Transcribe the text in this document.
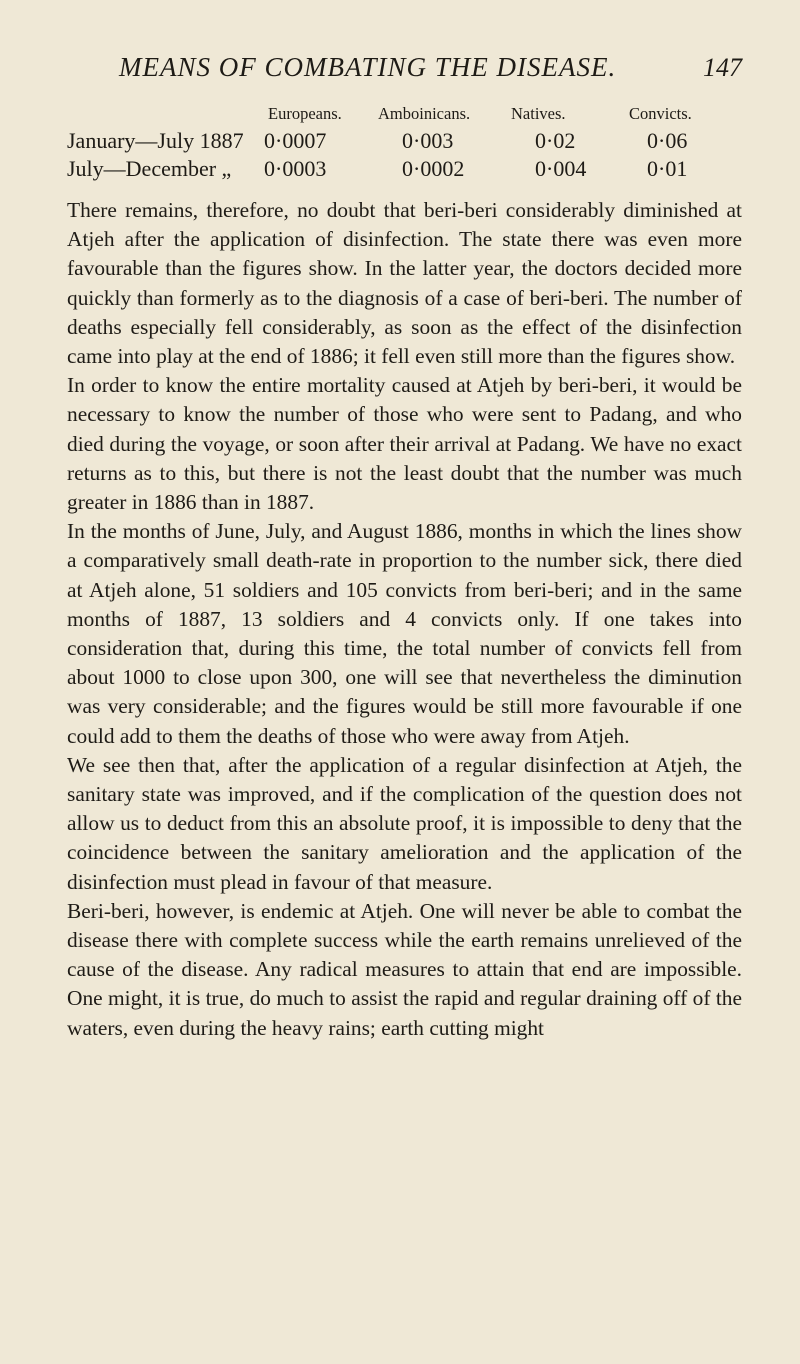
MEANS OF COMBATING THE DISEASE.	147
Europeans. Amboinicans. Natives.	Convicts.
January—July 1887 0·0007	0·003	0·02	0·06
July—December „ 0·0003	0·0002	0·004	0·01

There remains, therefore, no doubt that beri-beri considerably diminished at Atjeh after the application of disinfection. The state there was even more favourable than the figures show. In the latter year, the doctors decided more quickly than formerly as to the diagnosis of a case of beri-beri. The number of deaths especially fell considerably, as soon as the effect of the disinfection came into play at the end of 1886; it fell even still more than the figures show.

In order to know the entire mortality caused at Atjeh by beri-beri, it would be necessary to know the number of those who were sent to Padang, and who died during the voyage, or soon after their arrival at Padang. We have no exact returns as to this, but there is not the least doubt that the number was much greater in 1886 than in 1887.

In the months of June, July, and August 1886, months in which the lines show a comparatively small death-rate in proportion to the number sick, there died at Atjeh alone, 51 soldiers and 105 convicts from beri-beri; and in the same months of 1887, 13 soldiers and 4 convicts only. If one takes into consideration that, during this time, the total number of convicts fell from about 1000 to close upon 300, one will see that nevertheless the diminution was very considerable; and the figures would be still more favourable if one could add to them the deaths of those who were away from Atjeh.

We see then that, after the application of a regular disinfection at Atjeh, the sanitary state was improved, and if the complication of the question does not allow us to deduct from this an absolute proof, it is impossible to deny that the coincidence between the sanitary amelioration and the application of the disinfection must plead in favour of that measure.

Beri-beri, however, is endemic at Atjeh. One will never be able to combat the disease there with complete success while the earth remains unrelieved of the cause of the disease. Any radical measures to attain that end are impossible. One might, it is true, do much to assist the rapid and regular draining off of the waters, even during the heavy rains; earth cutting might
